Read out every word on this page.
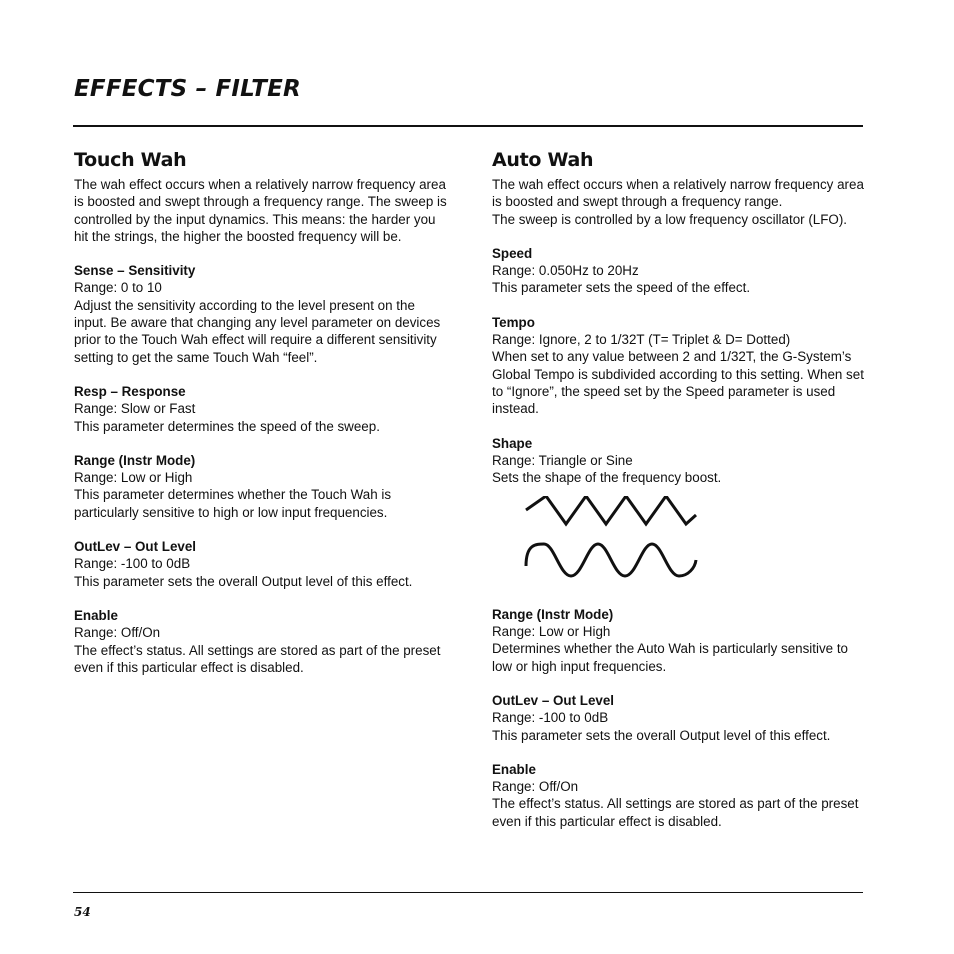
EFFECTS – FILTER
Touch Wah

The wah effect occurs when a relatively narrow frequency area is boosted and swept through a frequency range. The sweep is controlled by the input dynamics. This means: the harder you hit the strings, the higher the boosted frequency will be.

Sense – Sensitivity

Range: 0 to 10

Adjust the sensitivity according to the level present on the input. Be aware that changing any level parameter on devices prior to the Touch Wah effect will require a different sensitivity setting to get the same Touch Wah “feel”.

Resp – Response

Range: Slow or Fast

This parameter determines the speed of the sweep.

Range (Instr Mode)

Range: Low or High

This parameter determines whether the Touch Wah is particularly sensitive to high or low input frequencies.

OutLev – Out Level

Range: -100 to 0dB

This parameter sets the overall Output level of this effect.

Enable

Range: Off/On

The effect’s status. All settings are stored as part of the preset even if this particular effect is disabled.

Auto Wah

The wah effect occurs when a relatively narrow frequency area is boosted and swept through a frequency range.

The sweep is controlled by a low frequency oscillator (LFO).

Speed

Range: 0.050Hz to 20Hz

This parameter sets the speed of the effect.

Tempo

Range: Ignore, 2 to 1/32T (T= Triplet & D= Dotted)

When set to any value between 2 and 1/32T, the G-System’s Global Tempo is subdivided according to this setting. When set to “Ignore”, the speed set by the Speed parameter is used instead.

Shape

Range: Triangle or Sine

Sets the shape of the frequency boost.

Range (Instr Mode)

Range: Low or High

Determines whether the Auto Wah is particularly sensitive to low or high input frequencies.

OutLev – Out Level

Range: -100 to 0dB

This parameter sets the overall Output level of this effect.

Enable

Range: Off/On

The effect’s status. All settings are stored as part of the preset even if this particular effect is disabled.

54
